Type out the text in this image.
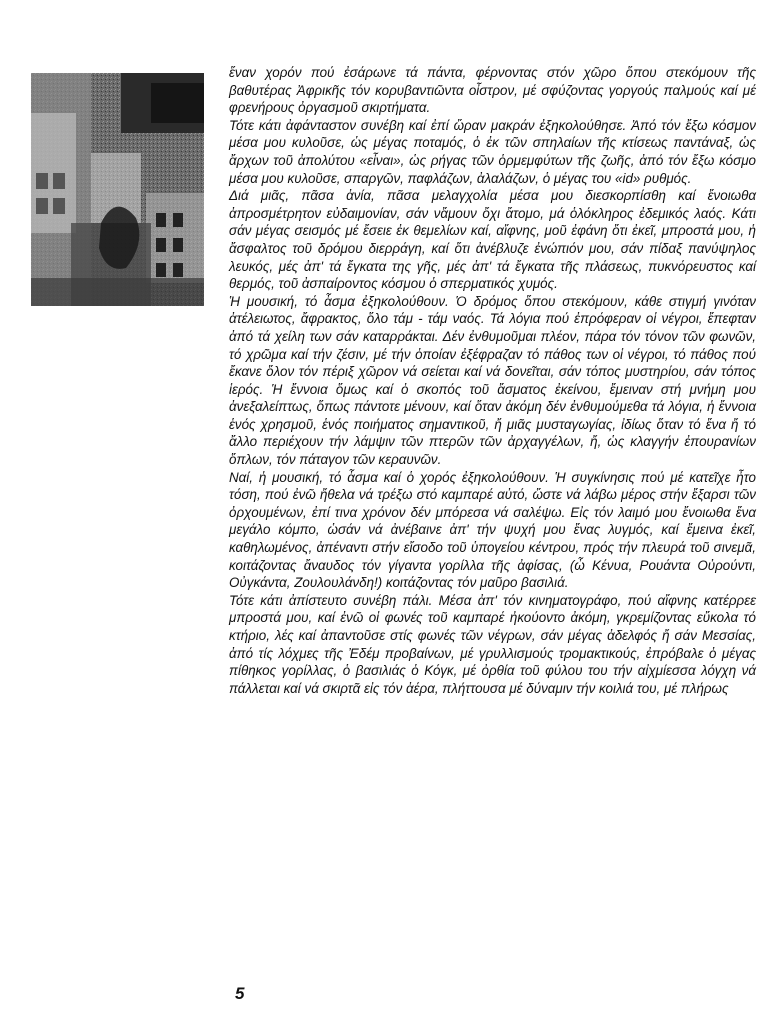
ἕναν χορόν πού ἐσάρωνε τά πάντα, φέρνοντας στόν χῶρο ὅπου στεκόμουν τῆς βαθυτέρας Ἀφρικῆς τόν κορυβαντιῶντα οἶστρον, μέ σφύζοντας γοργούς παλμούς καί μέ φρενήρους ὀργασμοῦ σκιρτήματα.

Τότε κάτι ἀφάνταστον συνέβη καί ἐπί ὥραν μακράν ἐξηκολούθησε. Ἀπό τόν ἔξω κόσμον μέσα μου κυλοῦσε, ὡς μέγας ποταμός, ὁ ἐκ τῶν σπηλαίων τῆς κτίσεως παντάναξ, ὡς ἄρχων τοῦ ἀπολύτου «εἶναι», ὡς ρήγας τῶν ὁρμεμφύτων τῆς ζωῆς, ἀπό τόν ἔξω κόσμο μέσα μου κυλοῦσε, σπαργῶν, παφλάζων, ἀλαλάζων, ὁ μέγας του «id» ρυθμός.

Διά μιᾶς, πᾶσα ἀνία, πᾶσα μελαγχολία μέσα μου διεσκορπίσθη καί ἔνοιωθα ἀπροσμέτρητον εὐδαιμονίαν, σάν νἄμουν ὄχι ἄτομο, μά ὁλόκληρος ἐδεμικός λαός. Κάτι σάν μέγας σεισμός μέ ἔσειε ἐκ θεμελίων καί, αἴφνης, μοῦ ἐφάνη ὅτι ἐκεῖ, μπροστά μου, ἡ ἄσφαλτος τοῦ δρόμου διερράγη, καί ὅτι ἀνέβλυζε ἐνώπιόν μου, σάν πίδαξ πανύψηλος λευκός, μές ἀπ' τά ἔγκατα της γῆς, μές ἀπ' τά ἔγκατα τῆς πλάσεως, πυκνόρευστος καί θερμός, τοῦ ἀσπαίροντος κόσμου ὁ σπερματικός χυμός.

Ἡ μουσική, τό ἆσμα ἐξηκολούθουν. Ὁ δρόμος ὅπου στεκόμουν, κάθε στιγμή γινόταν ἀτέλειωτος, ἄφρακτος, ὅλο τάμ - τάμ ναός. Τά λόγια πού ἐπρόφεραν οἱ νέγροι, ἔπεφταν ἀπό τά χείλη των σάν καταρράκται. Δέν ἐνθυμοῦμαι πλέον, πάρα τόν τόνον τῶν φωνῶν, τό χρῶμα καί τήν ζέσιν, μέ τήν ὁποίαν ἐξέφραζαν τό πάθος των οἱ νέγροι, τό πάθος πού ἔκανε ὅλον τόν πέριξ χῶρον νά σείεται καί νά δονεῖται, σάν τόπος μυστηρίου, σάν τόπος ἱερός. Ἡ ἔννοια ὅμως καί ὁ σκοπός τοῦ ἄσματος ἐκείνου, ἔμειναν στή μνήμη μου ἀνεξαλείπτως, ὅπως πάντοτε μένουν, καί ὅταν ἀκόμη δέν ἐνθυμούμεθα τά λόγια, ἡ ἔννοια ἑνός χρησμοῦ, ἑνός ποιήματος σημαντικοῦ, ἤ μιᾶς μυσταγωγίας, ἰδίως ὅταν τό ἕνα ἤ τό ἄλλο περιέχουν τήν λάμψιν τῶν πτερῶν τῶν ἀρχαγγέλων, ἤ, ὡς κλαγγήν ἐπουρανίων ὅπλων, τόν πάταγον τῶν κεραυνῶν.

Ναί, ἡ μουσική, τό ἆσμα καί ὁ χορός ἐξηκολούθουν. Ἡ συγκίνησις πού μέ κατεῖχε ἦτο τόση, πού ἐνῶ ἤθελα νά τρέξω στό καμπαρέ αὐτό, ὥστε νά λάβω μέρος στήν ἔξαρσι τῶν ὀρχουμένων, ἐπί τινα χρόνον δέν μπόρεσα νά σαλέψω. Εἰς τόν λαιμό μου ἔνοιωθα ἕνα μεγάλο κόμπο, ὡσάν νά ἀνέβαινε ἀπ' τήν ψυχή μου ἕνας λυγμός, καί ἔμεινα ἐκεῖ, καθηλωμένος, ἀπέναντι στήν εἴσοδο τοῦ ὑπογείου κέντρου, πρός τήν πλευρά τοῦ σινεμᾶ, κοιτάζοντας ἄναυδος τόν γίγαντα γορίλλα τῆς ἀφίσας, (ὦ Κένυα, Ρουάντα Οὐρούντι, Οὐγκάντα, Ζουλουλάνδη!) κοιτάζοντας τόν μαῦρο βασιλιά.

Τότε κάτι ἀπίστευτο συνέβη πάλι. Μέσα ἀπ' τόν κινηματογράφο, πού αἴφνης κατέρρεε μπροστά μου, καί ἐνῶ οἱ φωνές τοῦ καμπαρέ ἠκούοντο ἀκόμη, γκρεμίζοντας εὔκολα τό κτήριο, λές καί ἀπαντοῦσε στίς φωνές τῶν νέγρων, σάν μέγας ἀδελφός ἤ σάν Μεσσίας, ἀπό τίς λόχμες τῆς Ἐδέμ προβαίνων, μέ γρυλλισμούς τρομακτικούς, ἐπρόβαλε ὁ μέγας πίθηκος γορίλλας, ὁ βασιλιάς ὁ Κόγκ, μέ ὀρθία τοῦ φύλου του τήν αἰχμίεσσα λόγχη νά πάλλεται καί νά σκιρτᾶ εἰς τόν ἀέρα, πλήττουσα μέ δύναμιν τήν κοιλιά του, μέ πλήρως

5
